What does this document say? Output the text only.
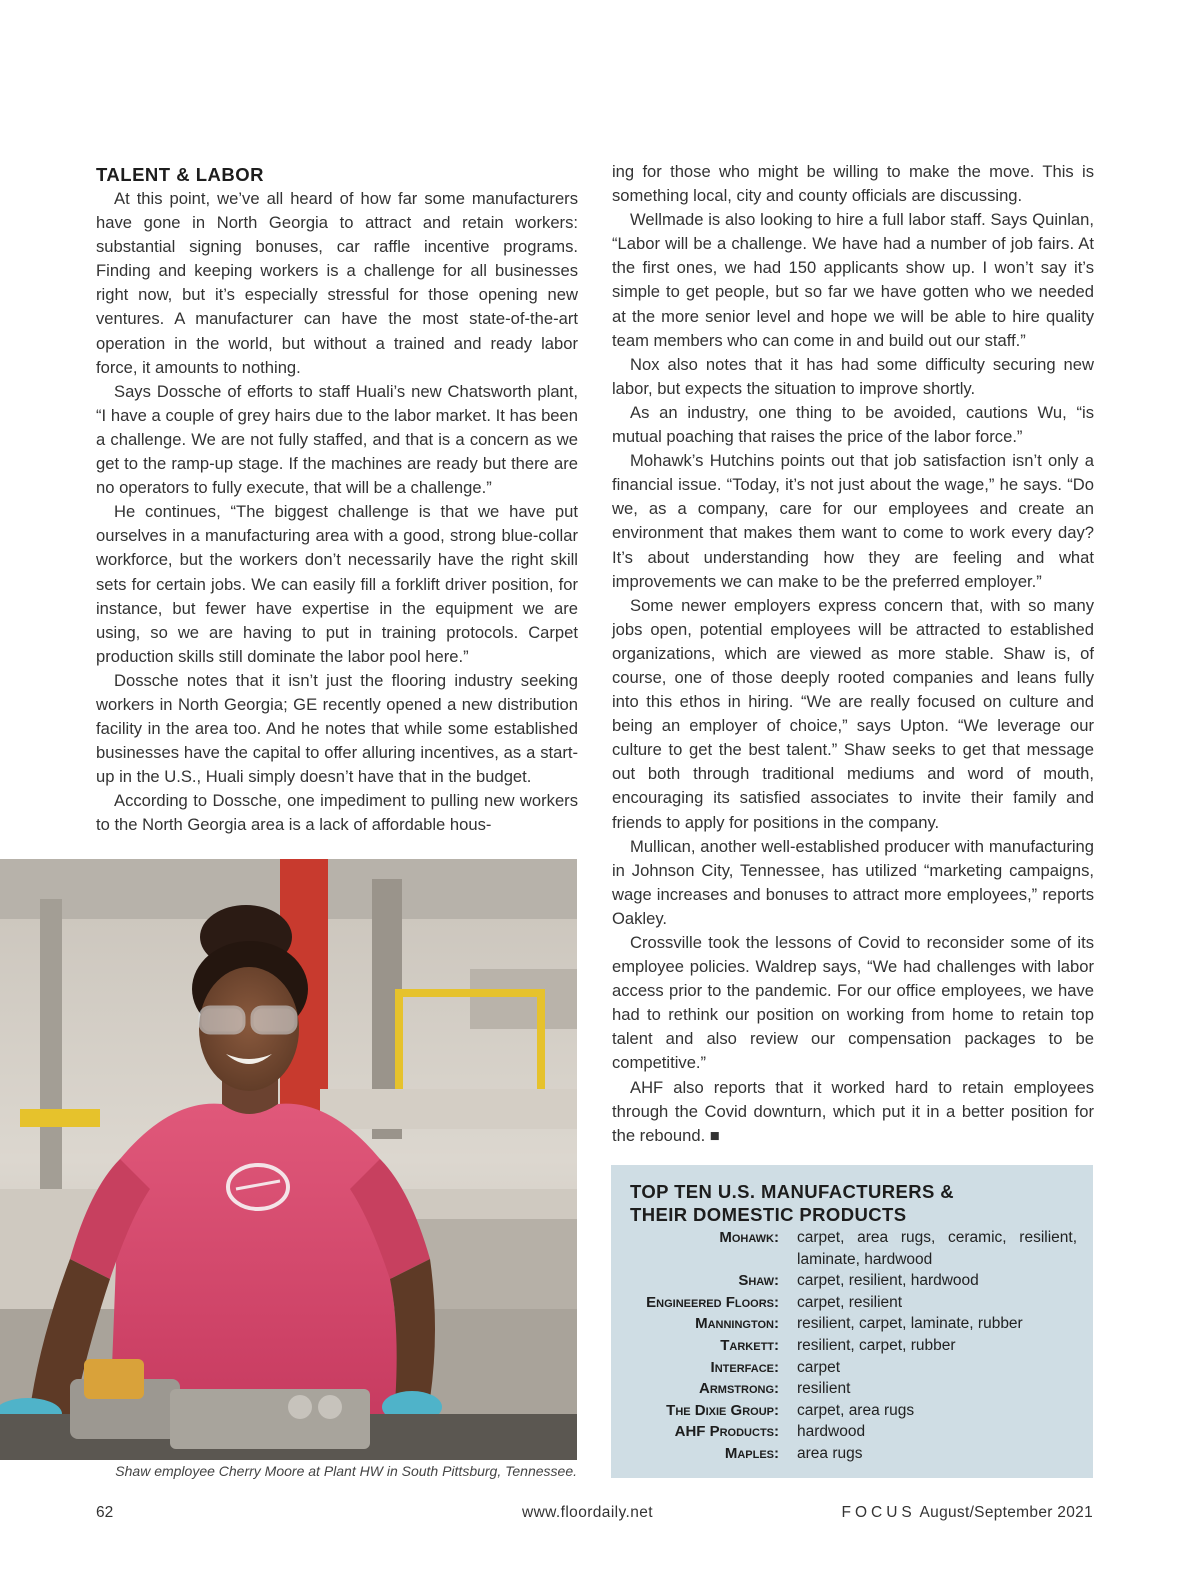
TALENT & LABOR

At this point, we’ve all heard of how far some manufacturers have gone in North Georgia to attract and retain workers: substantial signing bonuses, car raffle incentive programs. Finding and keeping workers is a challenge for all businesses right now, but it’s especially stressful for those opening new ventures. A manufacturer can have the most state-of-the-art operation in the world, but without a trained and ready labor force, it amounts to nothing.

Says Dossche of efforts to staff Huali’s new Chatsworth plant, “I have a couple of grey hairs due to the labor market. It has been a challenge. We are not fully staffed, and that is a concern as we get to the ramp-up stage. If the machines are ready but there are no operators to fully execute, that will be a challenge.”

He continues, “The biggest challenge is that we have put ourselves in a manufacturing area with a good, strong blue-collar workforce, but the workers don’t necessarily have the right skill sets for certain jobs. We can easily fill a forklift driver position, for instance, but fewer have expertise in the equipment we are using, so we are having to put in training protocols. Carpet production skills still dominate the labor pool here.”

Dossche notes that it isn’t just the flooring industry seeking workers in North Georgia; GE recently opened a new distribution facility in the area too. And he notes that while some established businesses have the capital to offer alluring incentives, as a start-up in the U.S., Huali simply doesn’t have that in the budget.

According to Dossche, one impediment to pulling new workers to the North Georgia area is a lack of affordable hous-

ing for those who might be willing to make the move. This is something local, city and county officials are discussing.

Wellmade is also looking to hire a full labor staff. Says Quinlan, “Labor will be a challenge. We have had a number of job fairs. At the first ones, we had 150 applicants show up. I won’t say it’s simple to get people, but so far we have gotten who we needed at the more senior level and hope we will be able to hire quality team members who can come in and build out our staff.”

Nox also notes that it has had some difficulty securing new labor, but expects the situation to improve shortly.

As an industry, one thing to be avoided, cautions Wu, “is mutual poaching that raises the price of the labor force.”

Mohawk’s Hutchins points out that job satisfaction isn’t only a financial issue. “Today, it’s not just about the wage,” he says. “Do we, as a company, care for our employees and create an environment that makes them want to come to work every day? It’s about understanding how they are feeling and what improvements we can make to be the preferred employer.”

Some newer employers express concern that, with so many jobs open, potential employees will be attracted to established organizations, which are viewed as more stable. Shaw is, of course, one of those deeply rooted companies and leans fully into this ethos in hiring. “We are really focused on culture and being an employer of choice,” says Upton. “We leverage our culture to get the best talent.” Shaw seeks to get that message out both through traditional mediums and word of mouth, encouraging its satisfied associates to invite their family and friends to apply for positions in the company.

Mullican, another well-established producer with manufacturing in Johnson City, Tennessee, has utilized “marketing campaigns, wage increases and bonuses to attract more employees,” reports Oakley.

Crossville took the lessons of Covid to reconsider some of its employee policies. Waldrep says, “We had challenges with labor access prior to the pandemic. For our office employees, we have had to rethink our position on working from home to retain top talent and also review our compensation packages to be competitive.”

AHF also reports that it worked hard to retain employees through the Covid downturn, which put it in a better position for the rebound. ■

Shaw employee Cherry Moore at Plant HW in South Pittsburg, Tennessee.
TOP TEN U.S. MANUFACTURERS &
THEIR DOMESTIC PRODUCTS
Mohawk: carpet, area rugs, ceramic, resilient, laminate, hardwood
Shaw: carpet, resilient, hardwood
Engineered Floors: carpet, resilient
Mannington: resilient, carpet, laminate, rubber
Tarkett: resilient, carpet, rubber
Interface: carpet
Armstrong: resilient
The Dixie Group: carpet, area rugs
AHF Products: hardwood
Maples: area rugs
62	www.floordaily.net	FOCUS August/September 2021
